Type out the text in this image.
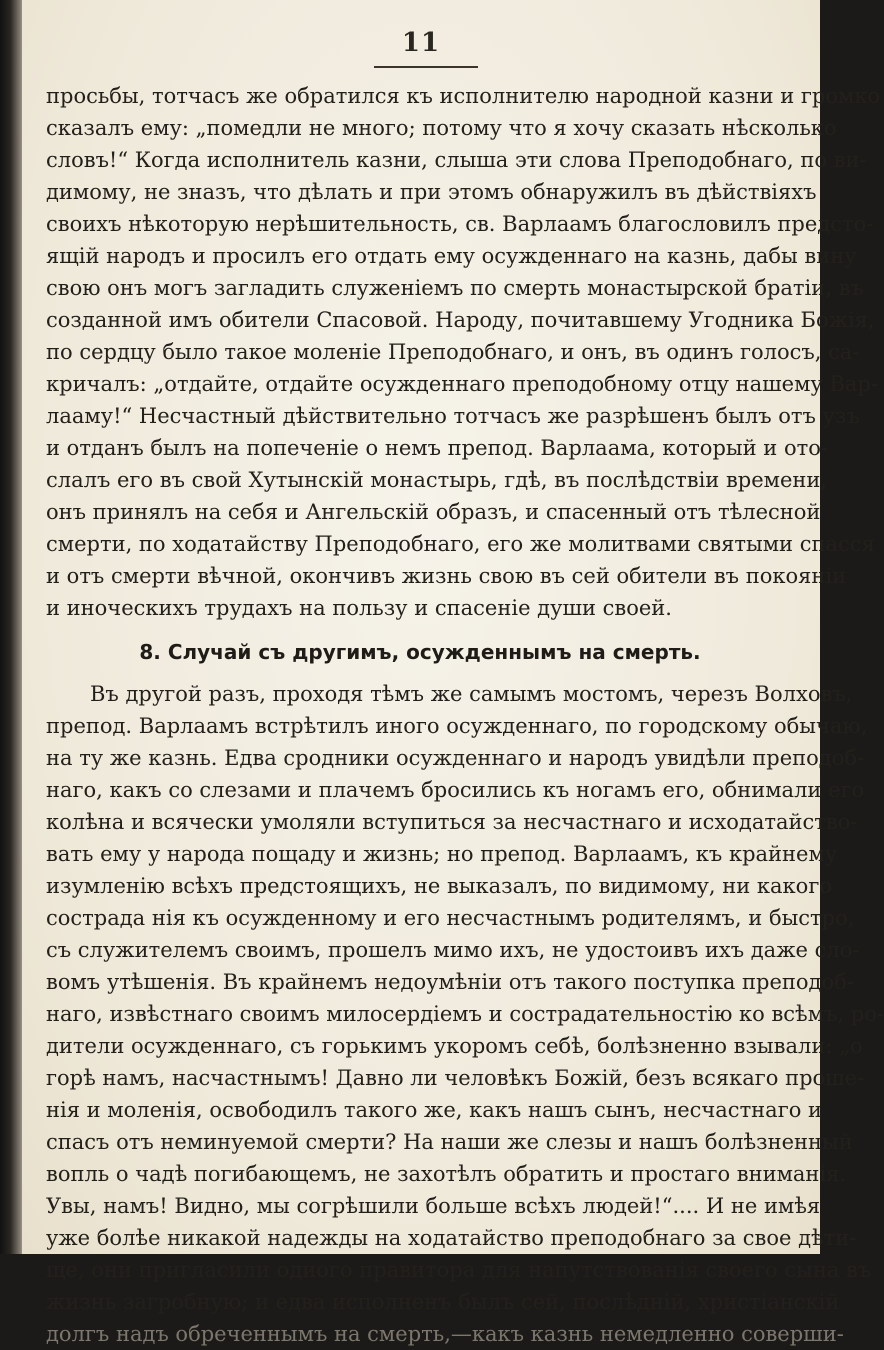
11
просьбы, тотчасъ же обратился къ исполнителю народной казни и громко
сказалъ ему: „помедли не много; потому что я хочу сказать нѣсколько
словъ!“ Когда исполнитель казни, слыша эти слова Преподобнаго, по ви-
димому, не зназъ, что дѣлать и при этомъ обнаружилъ въ дѣйствіяхъ
своихъ нѣкоторую нерѣшительность, св. Варлаамъ благословилъ предсто-
ящій народъ и просилъ его отдать ему осужденнаго на казнь, дабы вину
свою онъ могъ загладить служеніемъ по смерть монастырской братіи, въ
созданной имъ обители Спасовой. Народу, почитавшему Угодника Божія,
по сердцу было такое моленіе Преподобнаго, и онъ, въ одинъ голосъ, са-
кричалъ: „отдайте, отдайте осужденнаго преподобному отцу нашему Вар-
лааму!“ Несчастный дѣйствительно тотчасъ же разрѣшенъ былъ отъ узъ
и отданъ былъ на попеченіе о немъ препод. Варлаама, который и ото-
слалъ его въ свой Хутынскій монастырь, гдѣ, въ послѣдствіи времени,
онъ принялъ на себя и Ангельскій образъ, и спасенный отъ тѣлесной
смерти, по ходатайству Преподобнаго, его же молитвами святыми спасся
и отъ смерти вѣчной, окончивъ жизнь свою въ сей обители въ покояніи
и иноческихъ трудахъ на пользу и спасеніе души своей.
8. Случай съ другимъ, осужденнымъ на смерть.
Въ другой разъ, проходя тѣмъ же самымъ мостомъ, черезъ Волховъ,
препод. Варлаамъ встрѣтилъ иного осужденнаго, по городскому обычаю,
на ту же казнь. Едва сродники осужденнаго и народъ увидѣли преподоб-
наго, какъ со слезами и плачемъ бросились къ ногамъ его, обнимали его
колѣна и всячески умоляли вступиться за несчастнаго и исходатайство-
вать ему у народа пощаду и жизнь; но препод. Варлаамъ, къ крайнему
изумленію всѣхъ предстоящихъ, не выказалъ, по видимому, ни какого
сострада нія къ осужденному и его несчастнымъ родителямъ, и быстро,
съ служителемъ своимъ, прошелъ мимо ихъ, не удостоивъ ихъ даже сло-
вомъ утѣшенія. Въ крайнемъ недоумѣніи отъ такого поступка преподоб-
наго, извѣстнаго своимъ милосердіемъ и сострадательностію ко всѣмъ, ро-
дители осужденнаго, съ горькимъ укоромъ себѣ, болѣзненно взывали: „о
горѣ намъ, насчастнымъ! Давно ли человѣкъ Божій, безъ всякаго проше-
нія и моленія, освободилъ такого же, какъ нашъ сынъ, несчастнаго и
спасъ отъ неминуемой смерти? На наши же слезы и нашъ болѣзненный
вопль о чадѣ погибающемъ, не захотѣлъ обратить и простаго вниманія.
Увы, намъ! Видно, мы согрѣшили больше всѣхъ людей!“.... И не имѣя
уже болѣе никакой надежды на ходатайство преподобнаго за свое дѣти-
ще, они пригласили одиого правитора для напутствованія своего сына въ
жизнь загробную; и едва исполненъ былъ сей, послѣдній, христіанскій
долгъ надъ обреченнымъ на смерть,—какъ казнь немедленно соверши-
